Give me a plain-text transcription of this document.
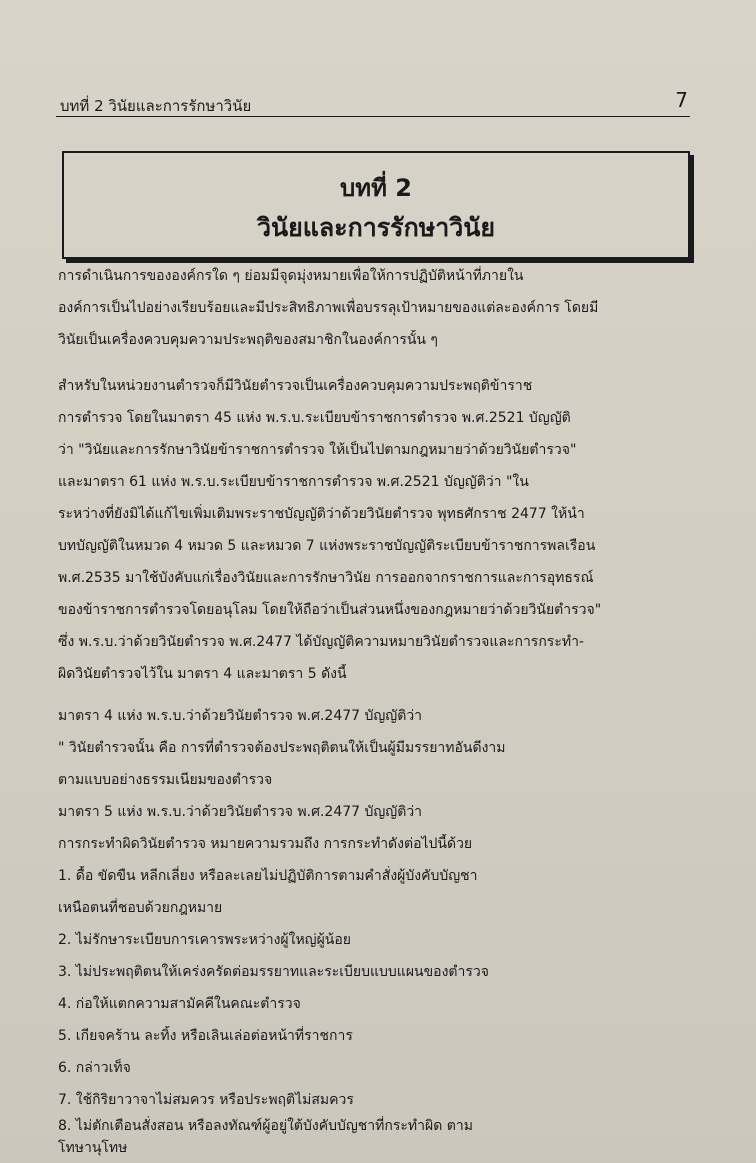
บทที่ 2 วินัยและการรักษาวินัย	7
บทที่ 2
วินัยและการรักษาวินัย
การดำเนินการขององค์กรใด ๆ ย่อมมีจุดมุ่งหมายเพื่อให้การปฏิบัติหน้าที่ภายใน
องค์การเป็นไปอย่างเรียบร้อยและมีประสิทธิภาพเพื่อบรรลุเป้าหมายของแต่ละองค์การ โดยมี
วินัยเป็นเครื่องควบคุมความประพฤติของสมาชิกในองค์การนั้น ๆ
สำหรับในหน่วยงานตำรวจก็มีวินัยตำรวจเป็นเครื่องควบคุมความประพฤติข้าราช
การตำรวจ โดยในมาตรา 45 แห่ง พ.ร.บ.ระเบียบข้าราชการตำรวจ พ.ศ.2521 บัญญัติ
ว่า "วินัยและการรักษาวินัยข้าราชการตำรวจ ให้เป็นไปตามกฎหมายว่าด้วยวินัยตำรวจ"
และมาตรา 61 แห่ง พ.ร.บ.ระเบียบข้าราชการตำรวจ พ.ศ.2521 บัญญัติว่า "ใน
ระหว่างที่ยังมิได้แก้ไขเพิ่มเติมพระราชบัญญัติว่าด้วยวินัยตำรวจ พุทธศักราช 2477 ให้นำ
บทบัญญัติในหมวด 4 หมวด 5 และหมวด 7 แห่งพระราชบัญญัติระเบียบข้าราชการพลเรือน
พ.ศ.2535 มาใช้บังคับแก่เรื่องวินัยและการรักษาวินัย การออกจากราชการและการอุทธรณ์
ของข้าราชการตำรวจโดยอนุโลม โดยให้ถือว่าเป็นส่วนหนึ่งของกฎหมายว่าด้วยวินัยตำรวจ"
ซึ่ง พ.ร.บ.ว่าด้วยวินัยตำรวจ พ.ศ.2477 ได้บัญญัติความหมายวินัยตำรวจและการกระทำ-
ผิดวินัยตำรวจไว้ใน มาตรา 4 และมาตรา 5 ดังนี้
มาตรา 4 แห่ง พ.ร.บ.ว่าด้วยวินัยตำรวจ พ.ศ.2477 บัญญัติว่า
" วินัยตำรวจนั้น คือ การที่ตำรวจต้องประพฤติตนให้เป็นผู้มีมรรยาทอันดีงาม
ตามแบบอย่างธรรมเนียมของตำรวจ
มาตรา 5 แห่ง พ.ร.บ.ว่าด้วยวินัยตำรวจ พ.ศ.2477 บัญญัติว่า
การกระทำผิดวินัยตำรวจ หมายความรวมถึง การกระทำดังต่อไปนี้ด้วย
1. ดื้อ ขัดขืน หลีกเลี่ยง หรือละเลยไม่ปฏิบัติการตามคำสั่งผู้บังคับบัญชา
เหนือตนที่ชอบด้วยกฎหมาย
2. ไม่รักษาระเบียบการเคารพระหว่างผู้ใหญ่ผู้น้อย
3. ไม่ประพฤติตนให้เคร่งครัดต่อมรรยาทและระเบียบแบบแผนของตำรวจ
4. ก่อให้แตกความสามัคคีในคณะตำรวจ
5. เกียจคร้าน ละทิ้ง หรือเลินเล่อต่อหน้าที่ราชการ
6. กล่าวเท็จ
7. ใช้กิริยาวาจาไม่สมควร หรือประพฤติไม่สมควร
8. ไม่ตักเตือนสั่งสอน หรือลงทัณฑ์ผู้อยู่ใต้บังคับบัญชาที่กระทำผิด ตาม
โทษานุโทษ
